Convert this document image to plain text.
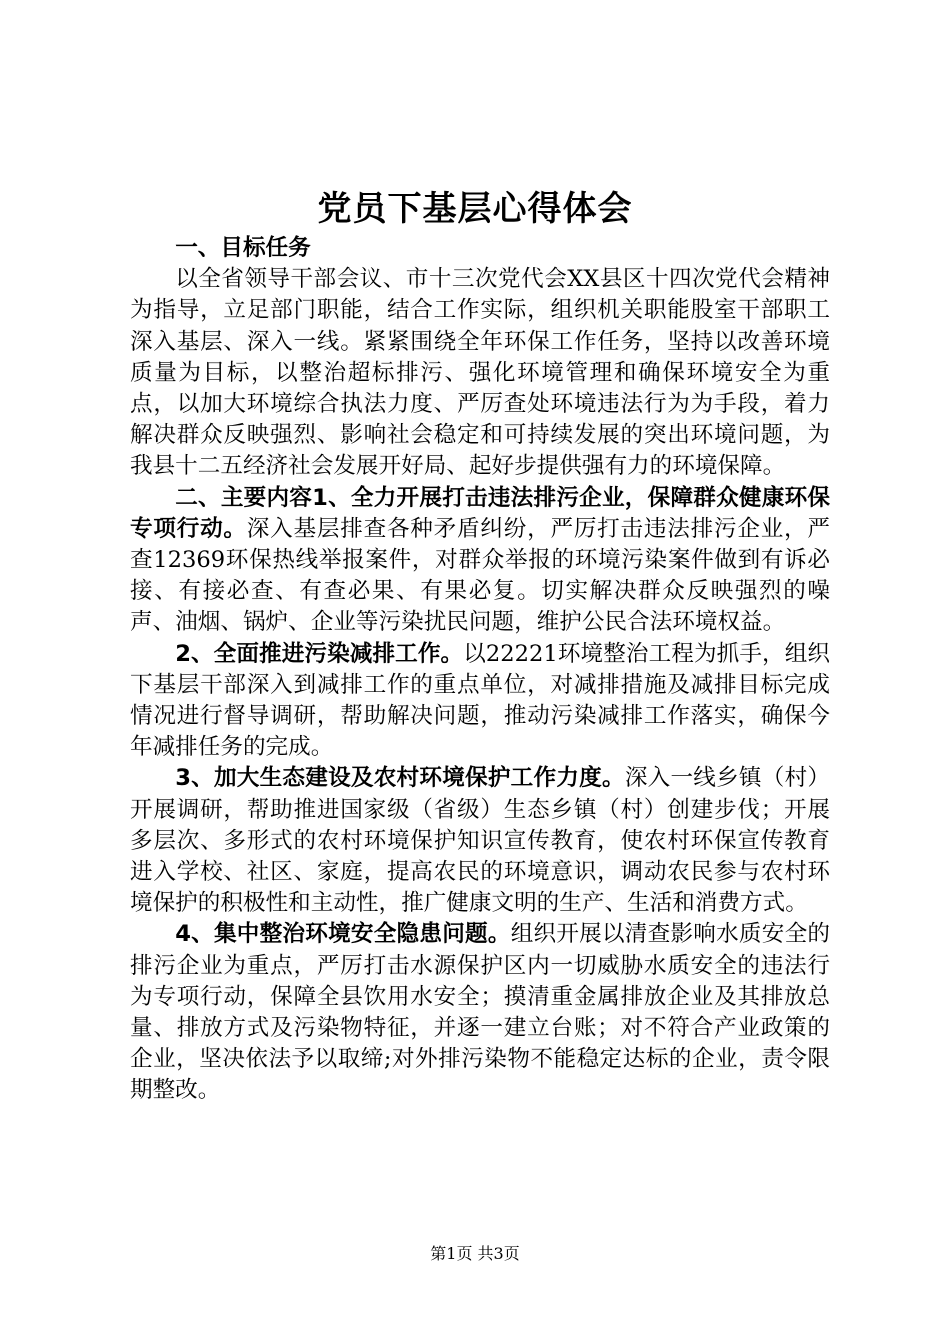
党员下基层心得体会

一、目标任务

以全省领导干部会议、市十三次党代会XX县区十四次党代会精神为指导，立足部门职能，结合工作实际，组织机关职能股室干部职工深入基层、深入一线。紧紧围绕全年环保工作任务，坚持以改善环境质量为目标，以整治超标排污、强化环境管理和确保环境安全为重点，以加大环境综合执法力度、严厉查处环境违法行为为手段，着力解决群众反映强烈、影响社会稳定和可持续发展的突出环境问题，为我县十二五经济社会发展开好局、起好步提供强有力的环境保障。

二、主要内容1、全力开展打击违法排污企业，保障群众健康环保专项行动。深入基层排查各种矛盾纠纷，严厉打击违法排污企业，严查12369环保热线举报案件，对群众举报的环境污染案件做到有诉必接、有接必查、有查必果、有果必复。切实解决群众反映强烈的噪声、油烟、锅炉、企业等污染扰民问题，维护公民合法环境权益。

2、全面推进污染减排工作。以22221环境整治工程为抓手，组织下基层干部深入到减排工作的重点单位，对减排措施及减排目标完成情况进行督导调研，帮助解决问题，推动污染减排工作落实，确保今年减排任务的完成。

3、加大生态建设及农村环境保护工作力度。深入一线乡镇（村）开展调研，帮助推进国家级（省级）生态乡镇（村）创建步伐；开展多层次、多形式的农村环境保护知识宣传教育，使农村环保宣传教育进入学校、社区、家庭，提高农民的环境意识，调动农民参与农村环境保护的积极性和主动性，推广健康文明的生产、生活和消费方式。

4、集中整治环境安全隐患问题。组织开展以清查影响水质安全的排污企业为重点，严厉打击水源保护区内一切威胁水质安全的违法行为专项行动，保障全县饮用水安全；摸清重金属排放企业及其排放总量、排放方式及污染物特征，并逐一建立台账；对不符合产业政策的企业，坚决依法予以取缔;对外排污染物不能稳定达标的企业，责令限期整改。

第1页 共3页
